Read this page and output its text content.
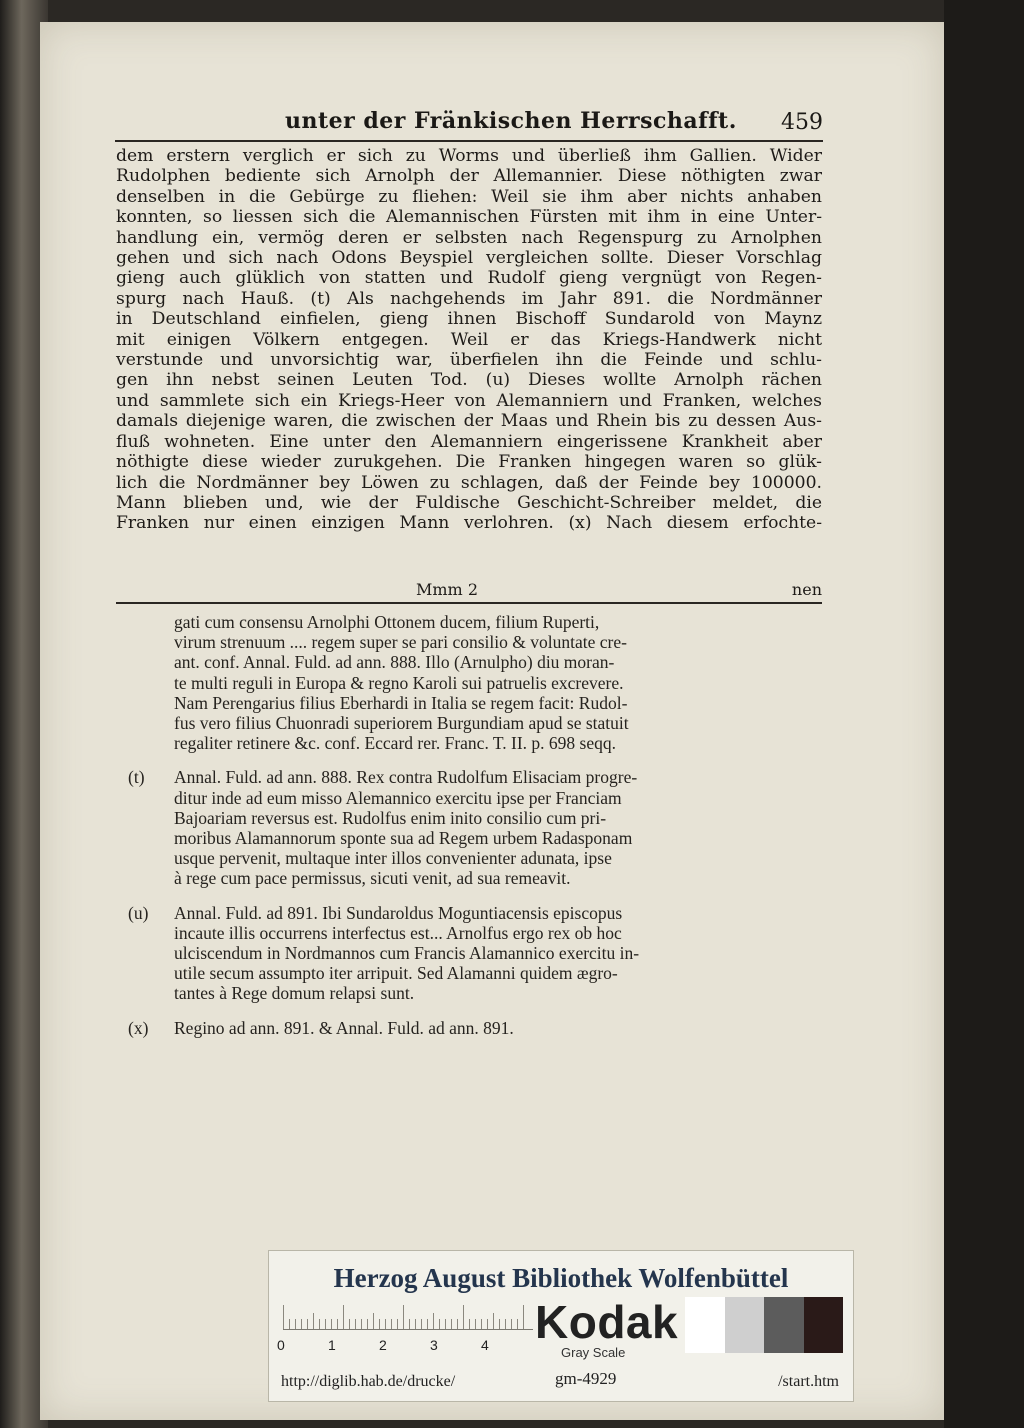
unter der Fränkischen Herrschafft. 459
dem erstern verglich er sich zu Worms und überließ ihm Gallien. Wider
Rudolphen bediente sich Arnolph der Allemannier. Diese nöthigten zwar
denselben in die Gebürge zu fliehen: Weil sie ihm aber nichts anhaben
konnten, so liessen sich die Alemannischen Fürsten mit ihm in eine Unter-
handlung ein, vermög deren er selbsten nach Regenspurg zu Arnolphen
gehen und sich nach Odons Beyspiel vergleichen sollte. Dieser Vorschlag
gieng auch glüklich von statten und Rudolf gieng vergnügt von Regen-
spurg nach Hauß. (t) Als nachgehends im Jahr 891. die Nordmänner
in Deutschland einfielen, gieng ihnen Bischoff Sundarold von Maynz
mit einigen Völkern entgegen. Weil er das Kriegs-Handwerk nicht
verstunde und unvorsichtig war, überfielen ihn die Feinde und schlu-
gen ihn nebst seinen Leuten Tod. (u) Dieses wollte Arnolph rächen
und sammlete sich ein Kriegs-Heer von Alemanniern und Franken, welches
damals diejenige waren, die zwischen der Maas und Rhein bis zu dessen Aus-
fluß wohneten. Eine unter den Alemanniern eingerissene Krankheit aber
nöthigte diese wieder zurukgehen. Die Franken hingegen waren so glük-
lich die Nordmänner bey Löwen zu schlagen, daß der Feinde bey 100000.
Mann blieben und, wie der Fuldische Geschicht-Schreiber meldet, die
Franken nur einen einzigen Mann verlohren. (x) Nach diesem erfochte-
Mmm 2	nen
gati cum consensu Arnolphi Ottonem ducem, filium Ruperti,
virum strenuum .... regem super se pari consilio & voluntate cre-
ant. conf. Annal. Fuld. ad ann. 888. Illo (Arnulpho) diu moran-
te multi reguli in Europa & regno Karoli sui patruelis excrevere.
Nam Perengarius filius Eberhardi in Italia se regem facit: Rudol-
fus vero filius Chuonradi superiorem Burgundiam apud se statuit
regaliter retinere &c. conf. Eccard rer. Franc. T. II. p. 698 seqq.
(t)	Annal. Fuld. ad ann. 888. Rex contra Rudolfum Elisaciam progre-
ditur inde ad eum misso Alemannico exercitu ipse per Franciam
Bajoariam reversus est. Rudolfus enim inito consilio cum pri-
moribus Alamannorum sponte sua ad Regem urbem Radasponam
usque pervenit, multaque inter illos convenienter adunata, ipse
à rege cum pace permissus, sicuti venit, ad sua remeavit.
(u)	Annal. Fuld. ad 891. Ibi Sundaroldus Moguntiacensis episcopus
incaute illis occurrens interfectus est... Arnolfus ergo rex ob hoc
ulciscendum in Nordmannos cum Francis Alamannico exercitu in-
utile secum assumpto iter arripuit. Sed Alamanni quidem ægro-
tantes à Rege domum relapsi sunt.
(x)	Regino ad ann. 891. & Annal. Fuld. ad ann. 891.
Herzog August Bibliothek Wolfenbüttel
0	1	2	3	4 Kodak
Gray Scale
http://diglib.hab.de/drucke/	gm-4929	/start.htm
